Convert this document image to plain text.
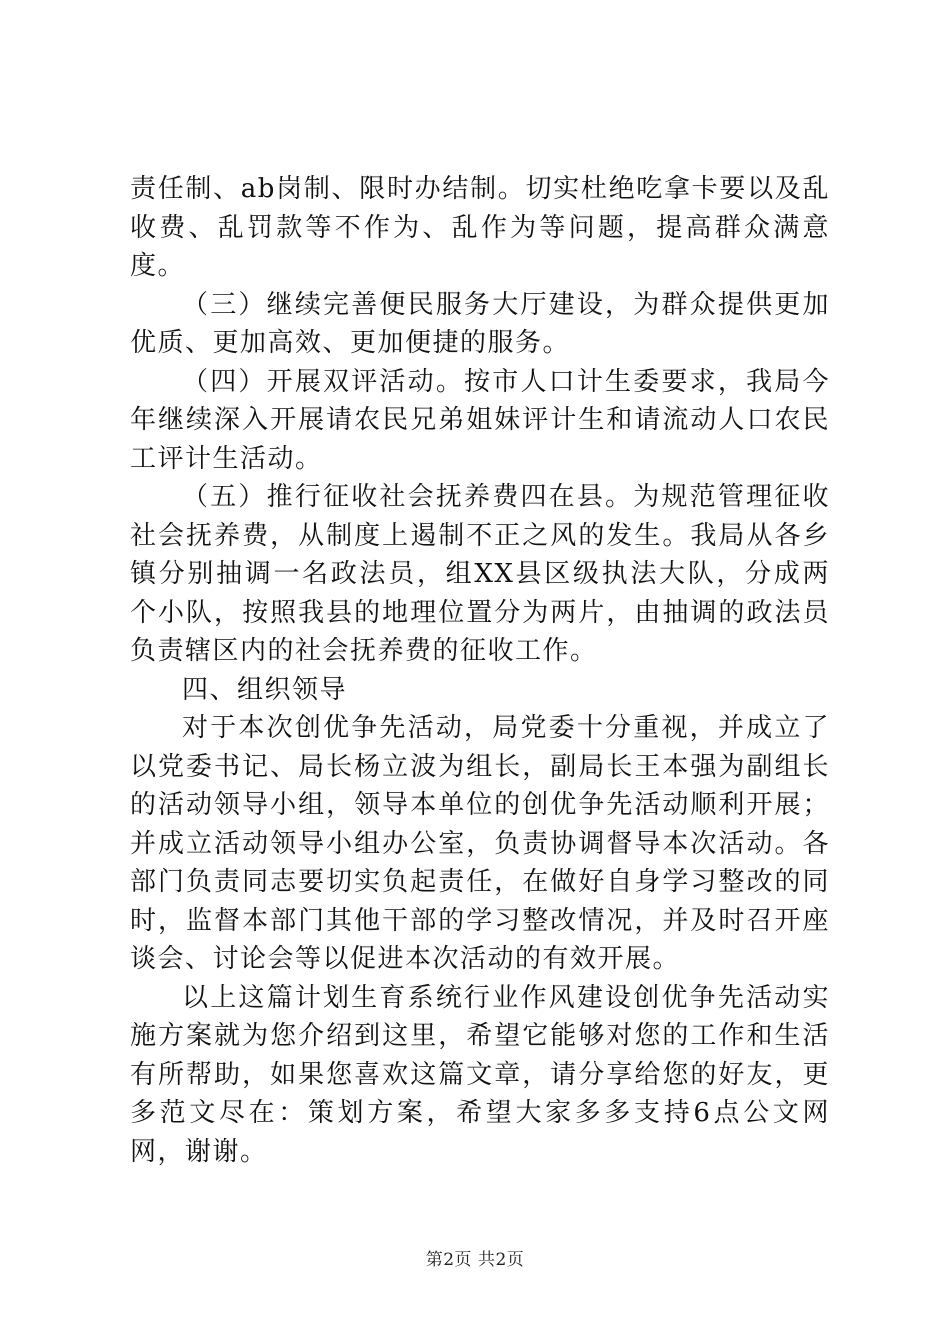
责任制、ab岗制、限时办结制。切实杜绝吃拿卡要以及乱收费、乱罚款等不作为、乱作为等问题，提高群众满意度。

（三）继续完善便民服务大厅建设，为群众提供更加优质、更加高效、更加便捷的服务。

（四）开展双评活动。按市人口计生委要求，我局今年继续深入开展请农民兄弟姐妹评计生和请流动人口农民工评计生活动。

（五）推行征收社会抚养费四在县。为规范管理征收社会抚养费，从制度上遏制不正之风的发生。我局从各乡镇分别抽调一名政法员，组XX县区级执法大队，分成两个小队，按照我县的地理位置分为两片，由抽调的政法员负责辖区内的社会抚养费的征收工作。

四、组织领导

对于本次创优争先活动，局党委十分重视，并成立了以党委书记、局长杨立波为组长，副局长王本强为副组长的活动领导小组，领导本单位的创优争先活动顺利开展；并成立活动领导小组办公室，负责协调督导本次活动。各部门负责同志要切实负起责任，在做好自身学习整改的同时，监督本部门其他干部的学习整改情况，并及时召开座谈会、讨论会等以促进本次活动的有效开展。

以上这篇计划生育系统行业作风建设创优争先活动实施方案就为您介绍到这里，希望它能够对您的工作和生活有所帮助，如果您喜欢这篇文章，请分享给您的好友，更多范文尽在：策划方案，希望大家多多支持6点公文网网，谢谢。

第2页 共2页
